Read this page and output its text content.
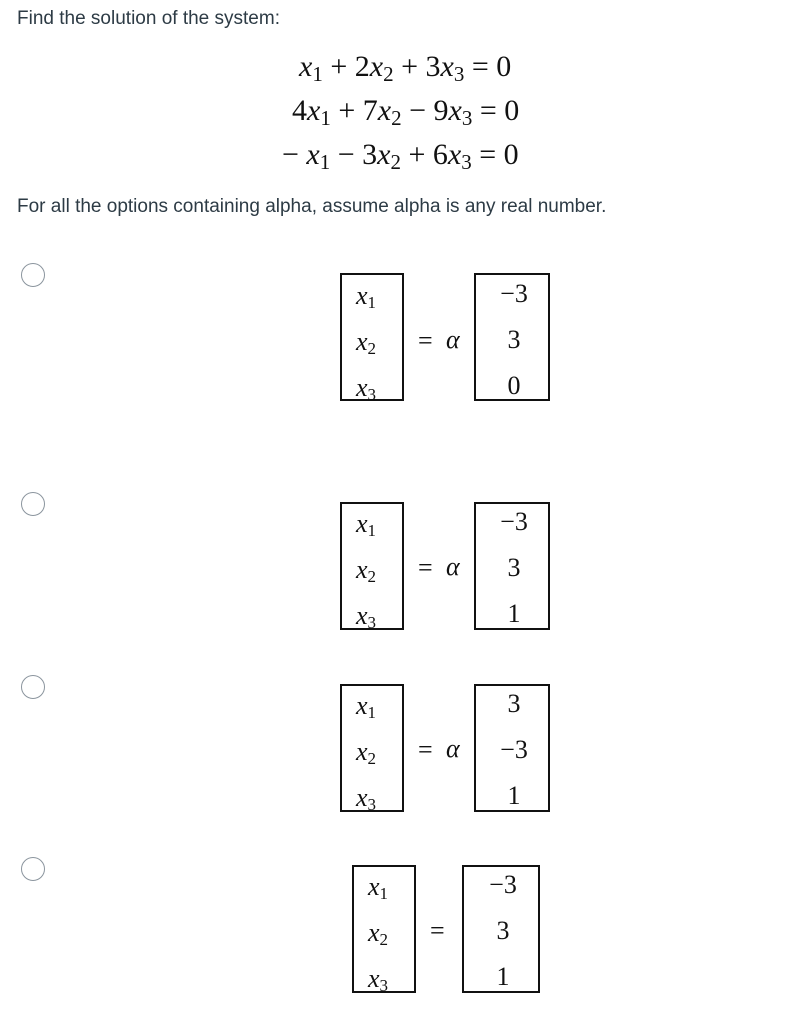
Find the solution of the system:
$x_1 + 2x_2 + 3x_3 = 0$
$4x_1 + 7x_2 - 9x_3 = 0$
− $x_1 - 3x_2 + 6x_3 = 0$
For all the options containing alpha, assume alpha is any real number.
$x_1$
$x_2$
$x_3$
= α
−3
3
0
$x_1$
$x_2$
$x_3$
= α
−3
3
1
$x_1$
$x_2$
$x_3$
= α
3
−3
1
$x_1$
$x_2$
$x_3$
=
−3
3
1
